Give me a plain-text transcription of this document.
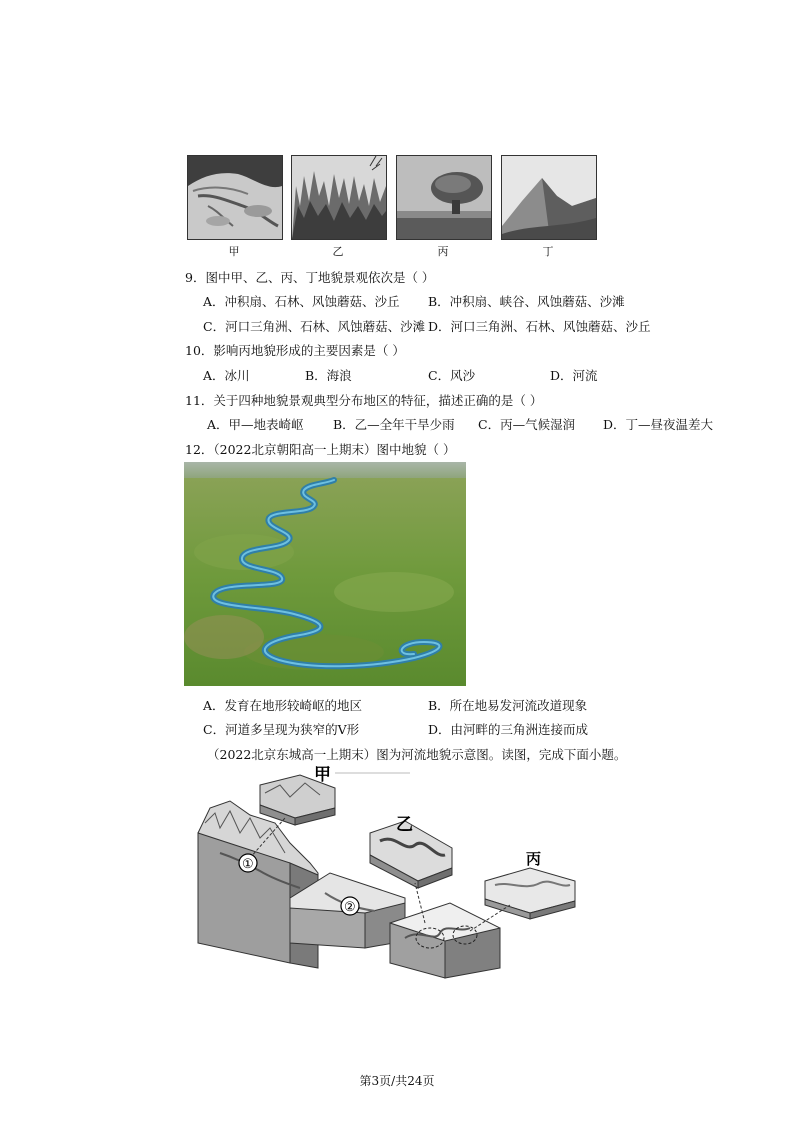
甲	乙	丙	丁
9．图中甲、乙、丙、丁地貌景观依次是（ ）
A．冲积扇、石林、风蚀蘑菇、沙丘 B．冲积扇、峡谷、风蚀蘑菇、沙滩
C．河口三角洲、石林、风蚀蘑菇、沙滩 D．河口三角洲、石林、风蚀蘑菇、沙丘
10．影响丙地貌形成的主要因素是（ ）
A．冰川	B．海浪	C．风沙	D．河流
11．关于四种地貌景观典型分布地区的特征，描述正确的是（ ）
A．甲—地表崎岖 B．乙—全年干旱少雨 C．丙—气候湿润 D．丁—昼夜温差大
12．（2022北京朝阳高一上期末）图中地貌（ ）
A．发育在地形较崎岖的地区	B．所在地易发河流改道现象
C．河道多呈现为狭窄的V形	D．由河畔的三角洲连接而成
（2022北京东城高一上期末）图为河流地貌示意图。读图，完成下面小题。
甲
乙
丙
①
②
第3页/共24页
